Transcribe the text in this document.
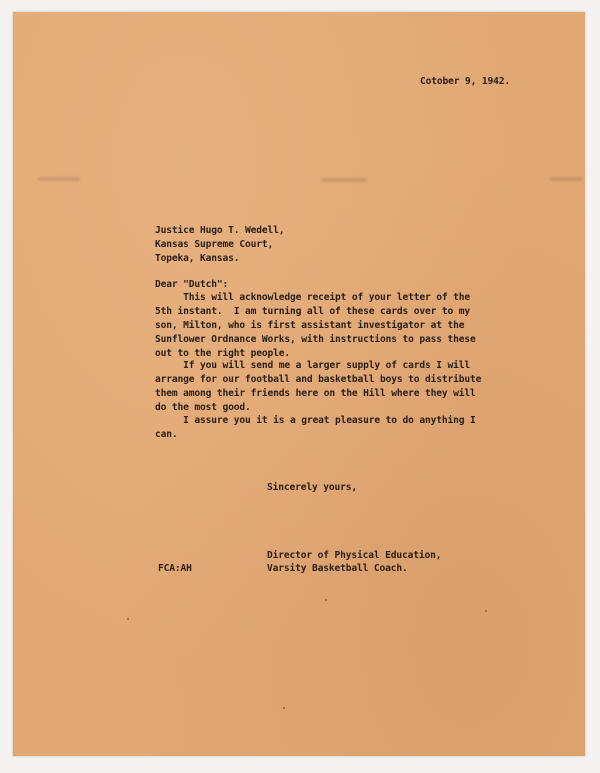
Cotober 9, 1942.
Justice Hugo T. Wedell,
Kansas Supreme Court,
Topeka, Kansas.
Dear "Dutch":
This will acknowledge receipt of your letter of the
5th instant.  I am turning all of these cards over to my
son, Milton, who is first assistant investigator at the
Sunflower Ordnance Works, with instructions to pass these
out to the right people.
If you will send me a larger supply of cards I will
arrange for our football and basketball boys to distribute
them among their friends here on the Hill where they will
do the most good.
I assure you it is a great pleasure to do anything I
can.
Sincerely yours,
Director of Physical Education,
Varsity Basketball Coach.
FCA:AH
